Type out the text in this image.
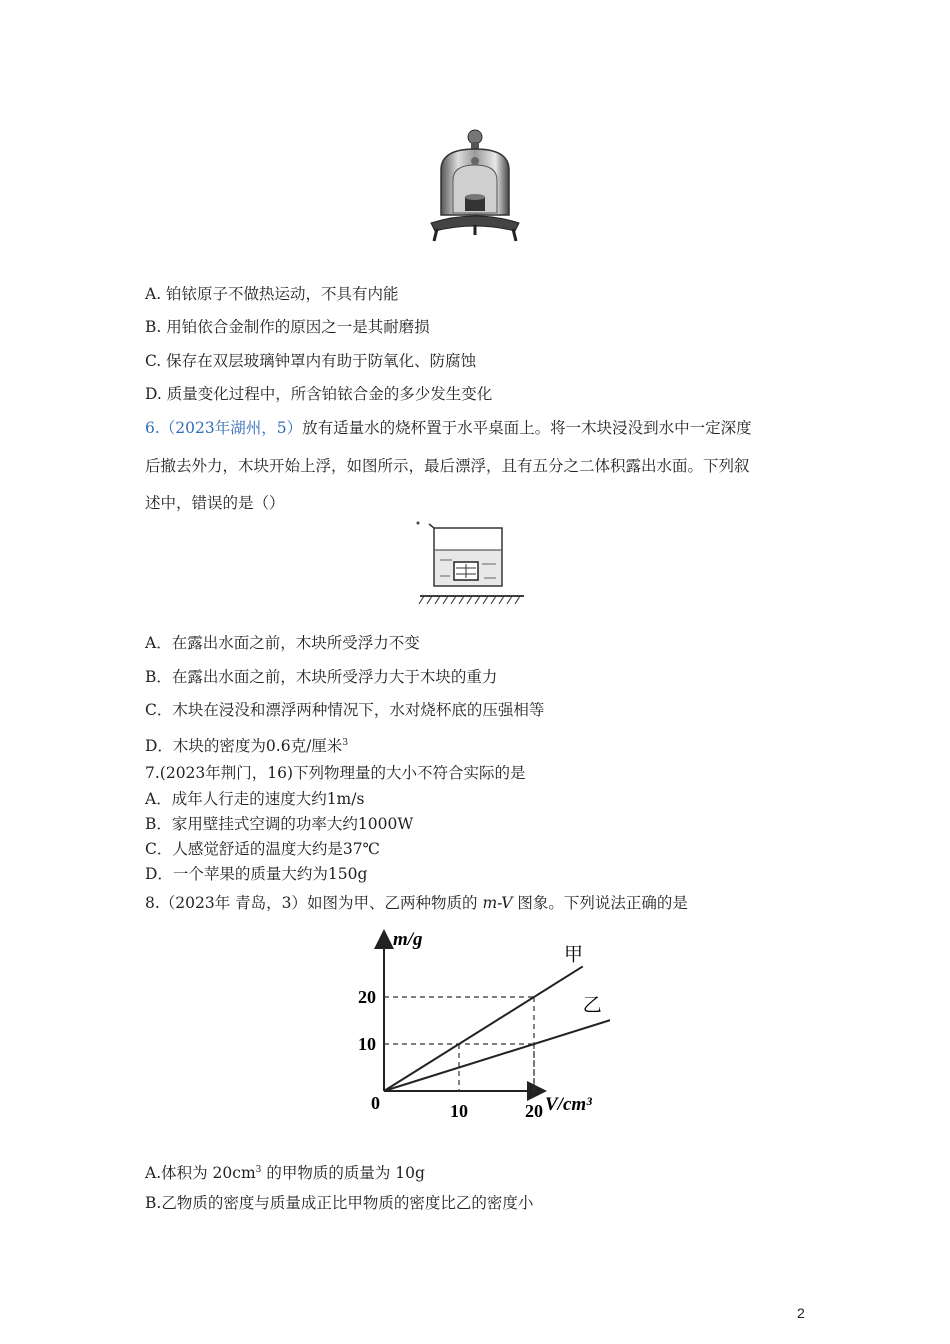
A. 铂铱原子不做热运动，不具有内能
B. 用铂依合金制作的原因之一是其耐磨损
C. 保存在双层玻璃钟罩内有助于防氧化、防腐蚀
D. 质量变化过程中，所含铂铱合金的多少发生变化
6.（2023年湖州，5）放有适量水的烧杯置于水平桌面上。将一木块浸没到水中一定深度
后撤去外力，木块开始上浮，如图所示，最后漂浮，且有五分之二体积露出水面。下列叙
述中，错误的是（）
A．在露出水面之前，木块所受浮力不变
B．在露出水面之前，木块所受浮力大于木块的重力
C．木块在浸没和漂浮两种情况下，水对烧杯底的压强相等
D．木块的密度为0.6克/厘米$^3$
7.(2023年荆门，16)下列物理量的大小不符合实际的是
A．成年人行走的速度大约1m/s
B．家用壁挂式空调的功率大约1000W
C．人感觉舒适的温度大约是37℃
D．一个苹果的质量大约为150g
8.（2023年 青岛，3）如图为甲、乙两种物质的 m-V 图象。下列说法正确的是
m/g
V/cm³
0	10	20
10
20
甲
乙
A.体积为 $20cm^3$ 的甲物质的质量为 10g
B.乙物质的密度与质量成正比甲物质的密度比乙的密度小
2
